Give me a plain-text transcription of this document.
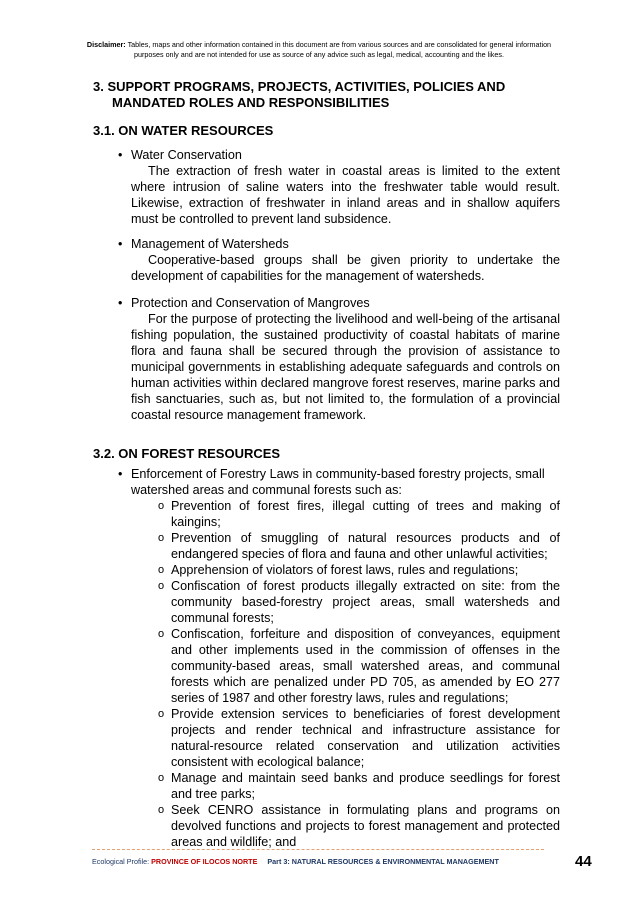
Disclaimer: Tables, maps and other information contained in this document are from various sources and are consolidated for general information
purposes only and are not intended for use as source of any advice such as legal, medical, accounting and the likes.
3. SUPPORT PROGRAMS, PROJECTS, ACTIVITIES, POLICIES AND
MANDATED ROLES AND RESPONSIBILITIES
3.1. ON WATER RESOURCES
• Water Conservation
The extraction of fresh water in coastal areas is limited to the extent where intrusion of saline waters into the freshwater table would result. Likewise, extraction of freshwater in inland areas and in shallow aquifers must be controlled to prevent land subsidence.
• Management of Watersheds
Cooperative-based groups shall be given priority to undertake the development of capabilities for the management of watersheds.
• Protection and Conservation of Mangroves
For the purpose of protecting the livelihood and well-being of the artisanal fishing population, the sustained productivity of coastal habitats of marine flora and fauna shall be secured through the provision of assistance to municipal governments in establishing adequate safeguards and controls on human activities within declared mangrove forest reserves, marine parks and fish sanctuaries, such as, but not limited to, the formulation of a provincial coastal resource management framework.
3.2. ON FOREST RESOURCES
• Enforcement of Forestry Laws in community-based forestry projects, small watershed areas and communal forests such as:
o Prevention of forest fires, illegal cutting of trees and making of kaingins;
o Prevention of smuggling of natural resources products and of endangered species of flora and fauna and other unlawful activities;
o Apprehension of violators of forest laws, rules and regulations;
o Confiscation of forest products illegally extracted on site: from the community based-forestry project areas, small watersheds and communal forests;
o Confiscation, forfeiture and disposition of conveyances, equipment and other implements used in the commission of offenses in the community-based areas, small watershed areas, and communal forests which are penalized under PD 705, as amended by EO 277 series of 1987 and other forestry laws, rules and regulations;
o Provide extension services to beneficiaries of forest development projects and render technical and infrastructure assistance for natural-resource related conservation and utilization activities consistent with ecological balance;
o Manage and maintain seed banks and produce seedlings for forest and tree parks;
o Seek CENRO assistance in formulating plans and programs on devolved functions and projects to forest management and protected areas and wildlife; and
Ecological Profile: PROVINCE OF ILOCOS NORTE Part 3: NATURAL RESOURCES & ENVIRONMENTAL MANAGEMENT	44
